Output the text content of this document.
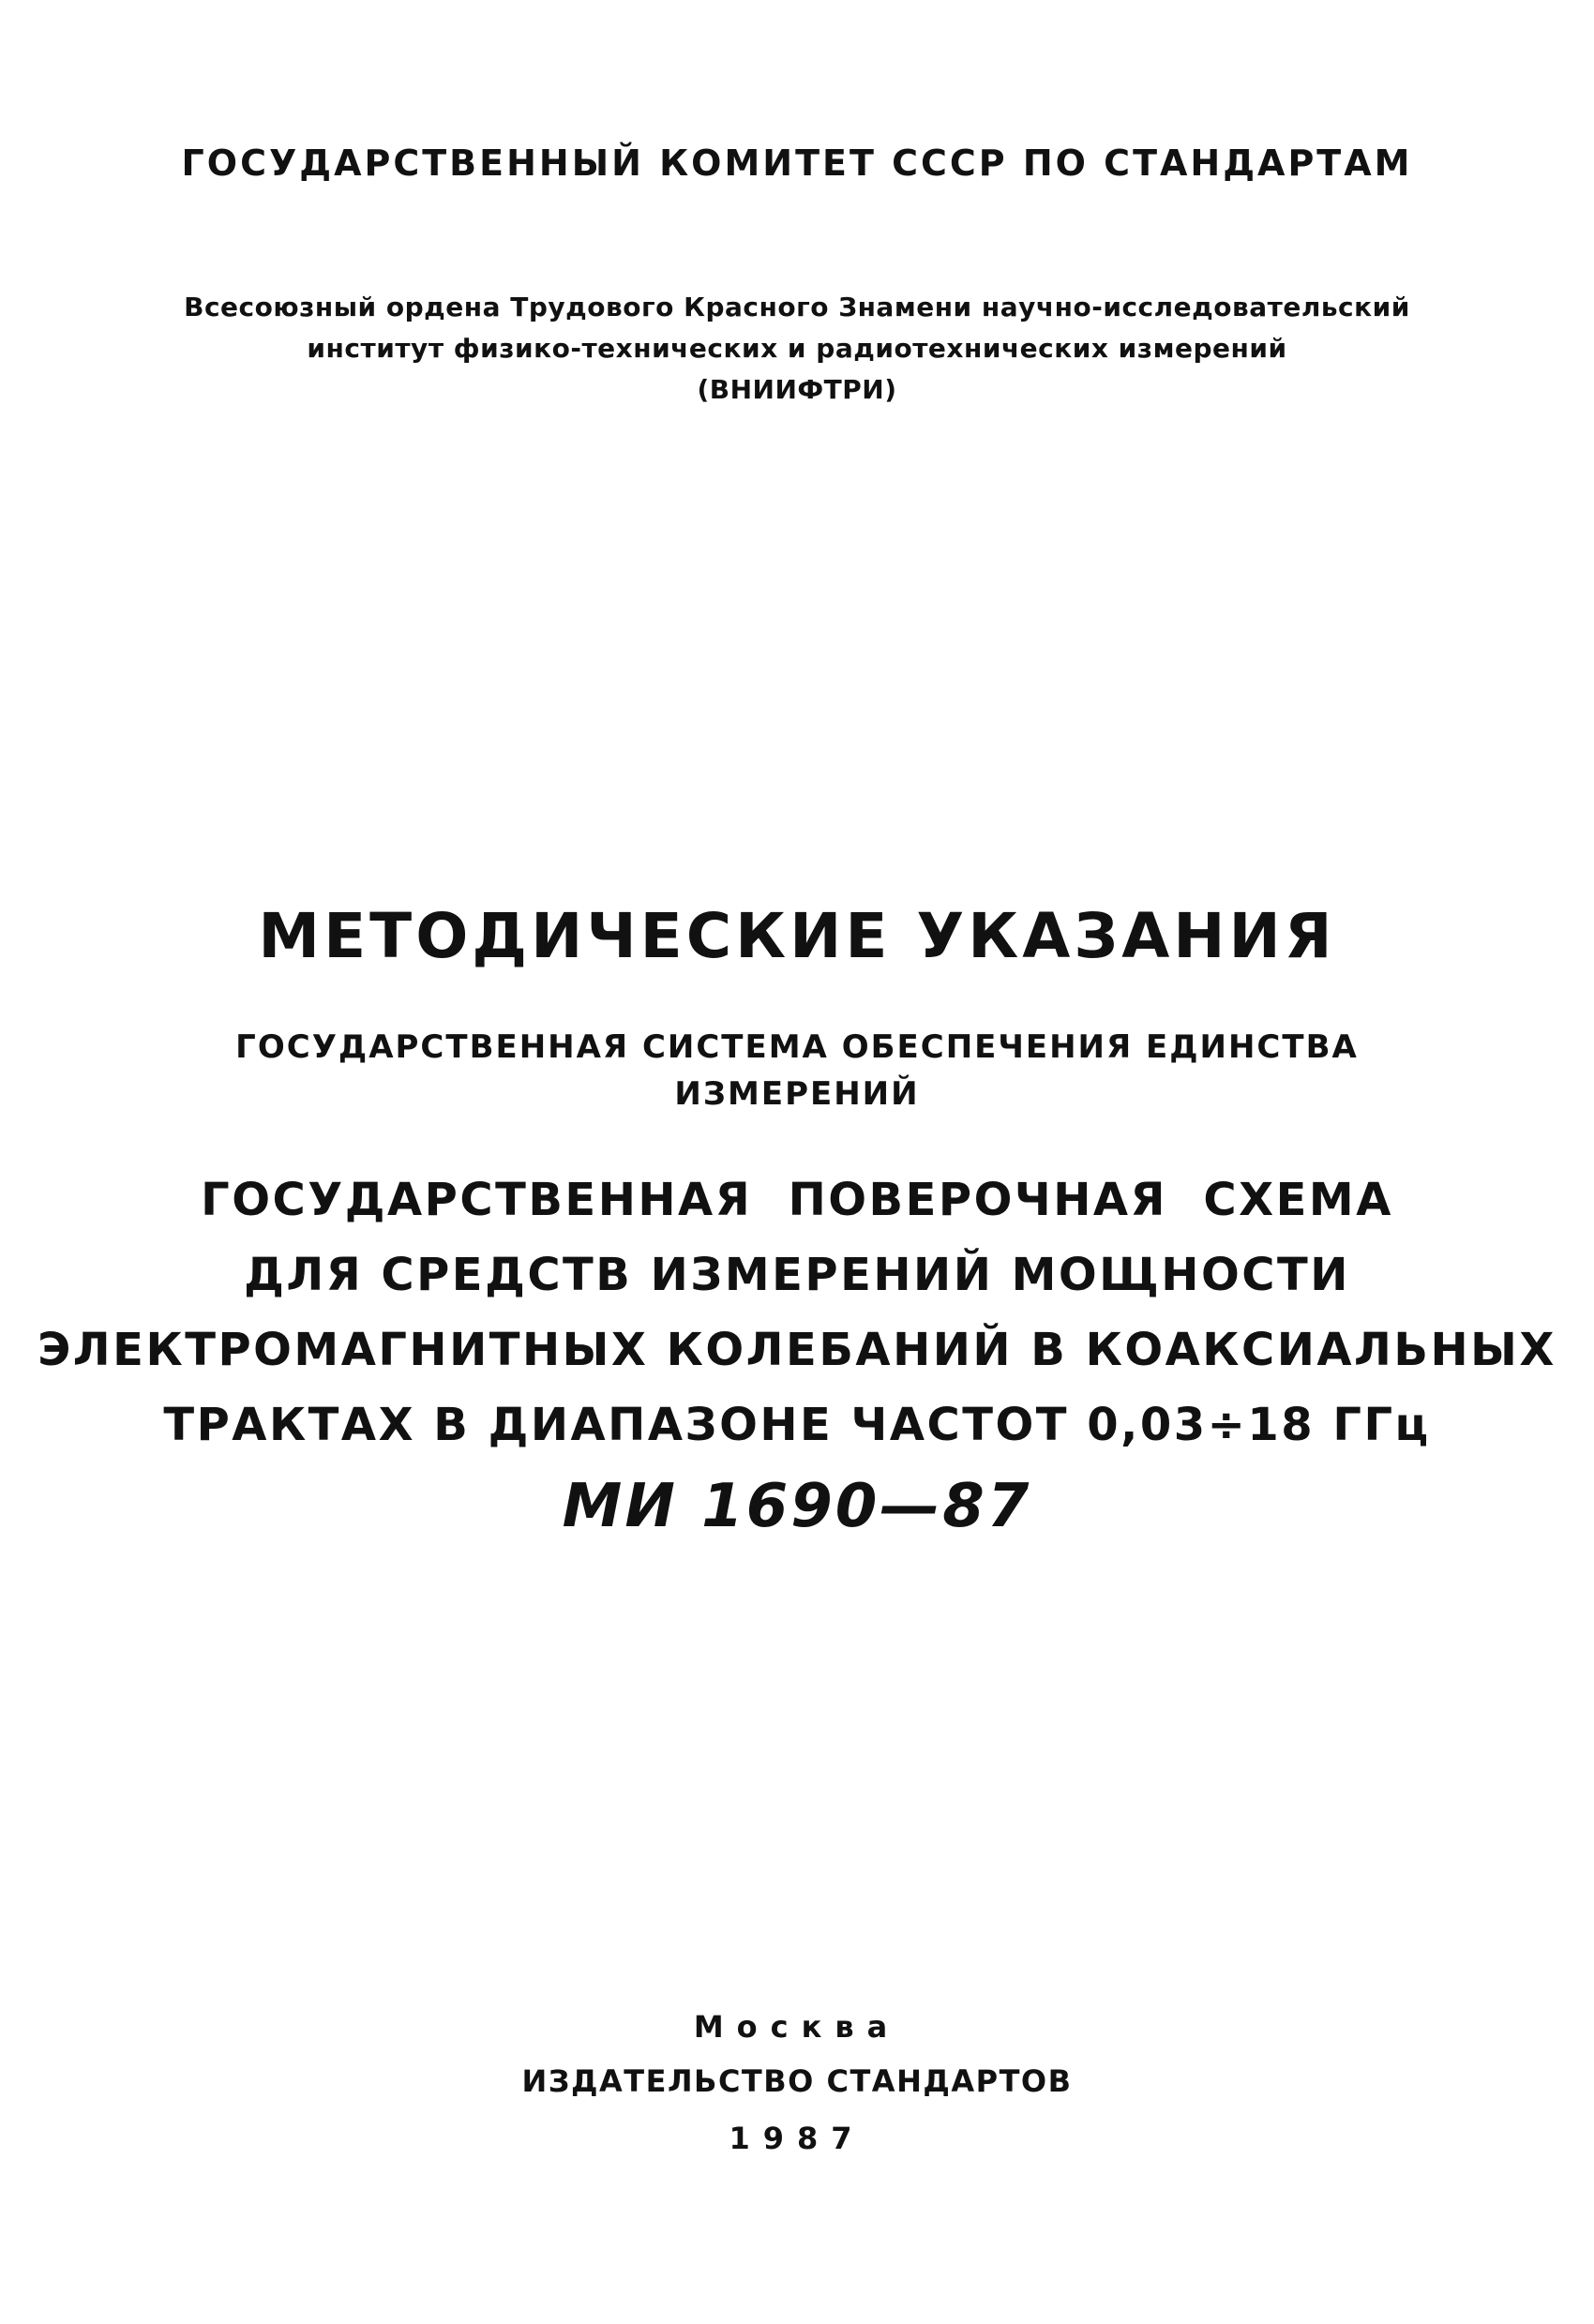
ГОСУДАРСТВЕННЫЙ КОМИТЕТ СССР ПО СТАНДАРТАМ
Всесоюзный ордена Трудового Красного Знамени научно-исследовательский
институт физико-технических и радиотехнических измерений
(ВНИИФТРИ)
МЕТОДИЧЕСКИЕ УКАЗАНИЯ
ГОСУДАРСТВЕННАЯ СИСТЕМА ОБЕСПЕЧЕНИЯ ЕДИНСТВА
ИЗМЕРЕНИЙ
ГОСУДАРСТВЕННАЯ  ПОВЕРОЧНАЯ  СХЕМА
ДЛЯ СРЕДСТВ ИЗМЕРЕНИЙ МОЩНОСТИ
ЭЛЕКТРОМАГНИТНЫХ КОЛЕБАНИЙ В КОАКСИАЛЬНЫХ
ТРАКТАХ В ДИАПАЗОНЕ ЧАСТОТ 0,03÷18 ГГц
МИ 1690—87
Москва
ИЗДАТЕЛЬСТВО СТАНДАРТОВ
1987
